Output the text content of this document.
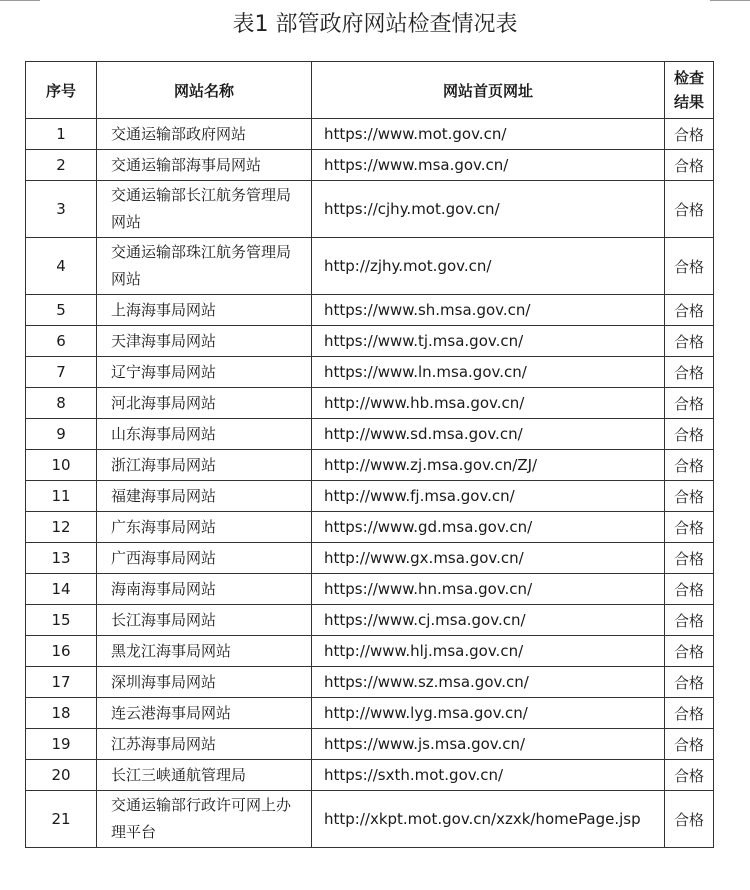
表1 部管政府网站检查情况表
序号	网站名称	网站首页网址	检查
结果

1	交通运输部政府网站	https://www.mot.gov.cn/	合格
2	交通运输部海事局网站	https://www.msa.gov.cn/	合格
3	交通运输部长江航务管理局网站	https://cjhy.mot.gov.cn/	合格
4	交通运输部珠江航务管理局网站	http://zjhy.mot.gov.cn/	合格
5	上海海事局网站	https://www.sh.msa.gov.cn/	合格
6	天津海事局网站	https://www.tj.msa.gov.cn/	合格
7	辽宁海事局网站	https://www.ln.msa.gov.cn/	合格
8	河北海事局网站	http://www.hb.msa.gov.cn/	合格
9	山东海事局网站	http://www.sd.msa.gov.cn/	合格
10	浙江海事局网站	http://www.zj.msa.gov.cn/ZJ/	合格
11	福建海事局网站	http://www.fj.msa.gov.cn/	合格
12	广东海事局网站	https://www.gd.msa.gov.cn/	合格
13	广西海事局网站	http://www.gx.msa.gov.cn/	合格
14	海南海事局网站	https://www.hn.msa.gov.cn/	合格
15	长江海事局网站	https://www.cj.msa.gov.cn/	合格
16	黑龙江海事局网站	http://www.hlj.msa.gov.cn/	合格
17	深圳海事局网站	https://www.sz.msa.gov.cn/	合格
18	连云港海事局网站	http://www.lyg.msa.gov.cn/	合格
19	江苏海事局网站	https://www.js.msa.gov.cn/	合格
20	长江三峡通航管理局	https://sxth.mot.gov.cn/	合格
21	交通运输部行政许可网上办理平台	http://xkpt.mot.gov.cn/xzxk/homePage.jsp	合格
